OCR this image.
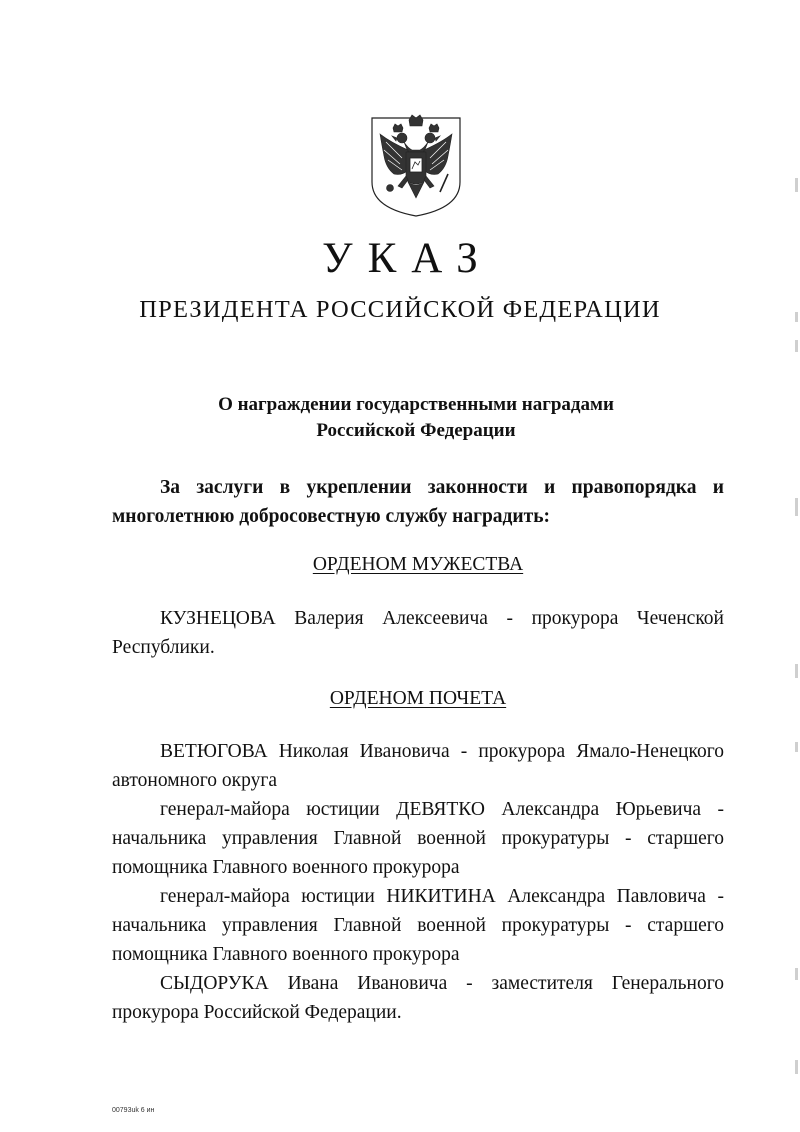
УКАЗ
ПРЕЗИДЕНТА РОССИЙСКОЙ ФЕДЕРАЦИИ
О награждении государственными наградами
Российской Федерации
За заслуги в укреплении законности и правопорядка и
многолетнюю добросовестную службу наградить:
ОРДЕНОМ МУЖЕСТВА
КУЗНЕЦОВА Валерия Алексеевича - прокурора Чеченской
Республики.
ОРДЕНОМ ПОЧЕТА
ВЕТЮГОВА Николая Ивановича - прокурора Ямало-Ненецкого
автономного округа
генерал-майора юстиции ДЕВЯТКО Александра Юрьевича -
начальника управления Главной военной прокуратуры - старшего
помощника Главного военного прокурора
генерал-майора юстиции НИКИТИНА Александра Павловича -
начальника управления Главной военной прокуратуры - старшего
помощника Главного военного прокурора
СЫДОРУКА Ивана Ивановича - заместителя Генерального
прокурора Российской Федерации.
00793uk 6 ин
